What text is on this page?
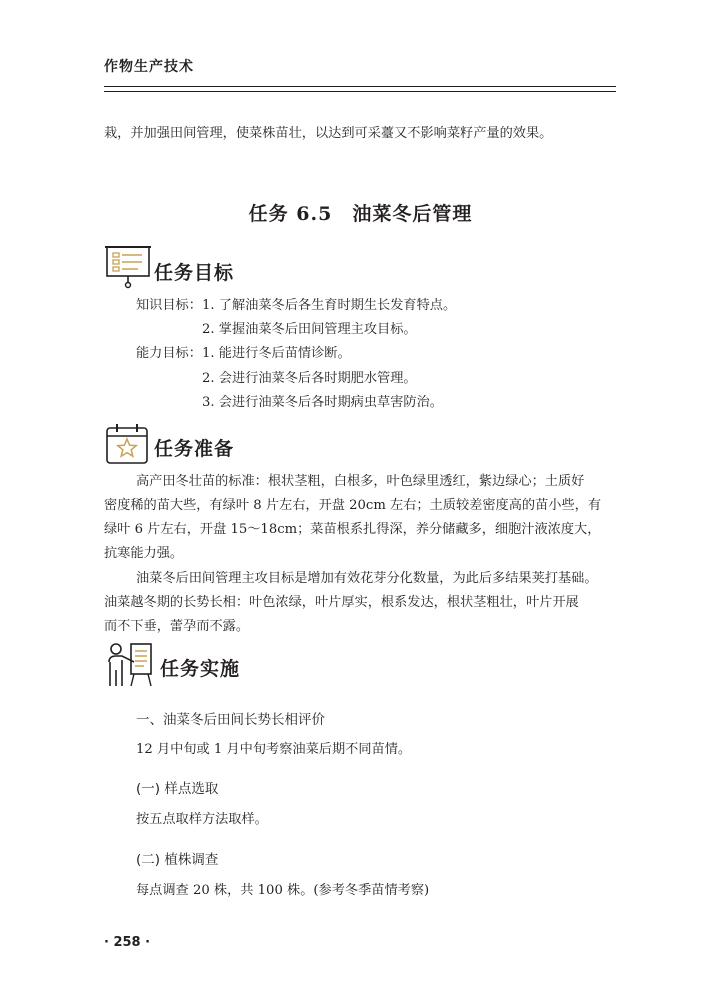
作物生产技术
栽，并加强田间管理，使菜株苗壮，以达到可采薹又不影响菜籽产量的效果。
任务 6.5　油菜冬后管理
任务目标
知识目标： 1. 了解油菜冬后各生育时期生长发育特点。
2. 掌握油菜冬后田间管理主攻目标。
能力目标： 1. 能进行冬后苗情诊断。
2. 会进行油菜冬后各时期肥水管理。
3. 会进行油菜冬后各时期病虫草害防治。
任务准备
高产田冬壮苗的标准：根状茎粗，白根多，叶色绿里透红，紫边绿心；土质好
密度稀的苗大些，有绿叶 8 片左右，开盘 20cm 左右；土质较差密度高的苗小些，有
绿叶 6 片左右，开盘 15～18cm；菜苗根系扎得深，养分储藏多，细胞汁液浓度大，
抗寒能力强。
油菜冬后田间管理主攻目标是增加有效花芽分化数量，为此后多结果荚打基础。
油菜越冬期的长势长相：叶色浓绿，叶片厚实，根系发达，根状茎粗壮，叶片开展
而不下垂，蕾孕而不露。
任务实施
一、油菜冬后田间长势长相评价
12 月中旬或 1 月中旬考察油菜后期不同苗情。
(一) 样点选取
按五点取样方法取样。
(二) 植株调查
每点调查 20 株，共 100 株。(参考冬季苗情考察)
· 258 ·
